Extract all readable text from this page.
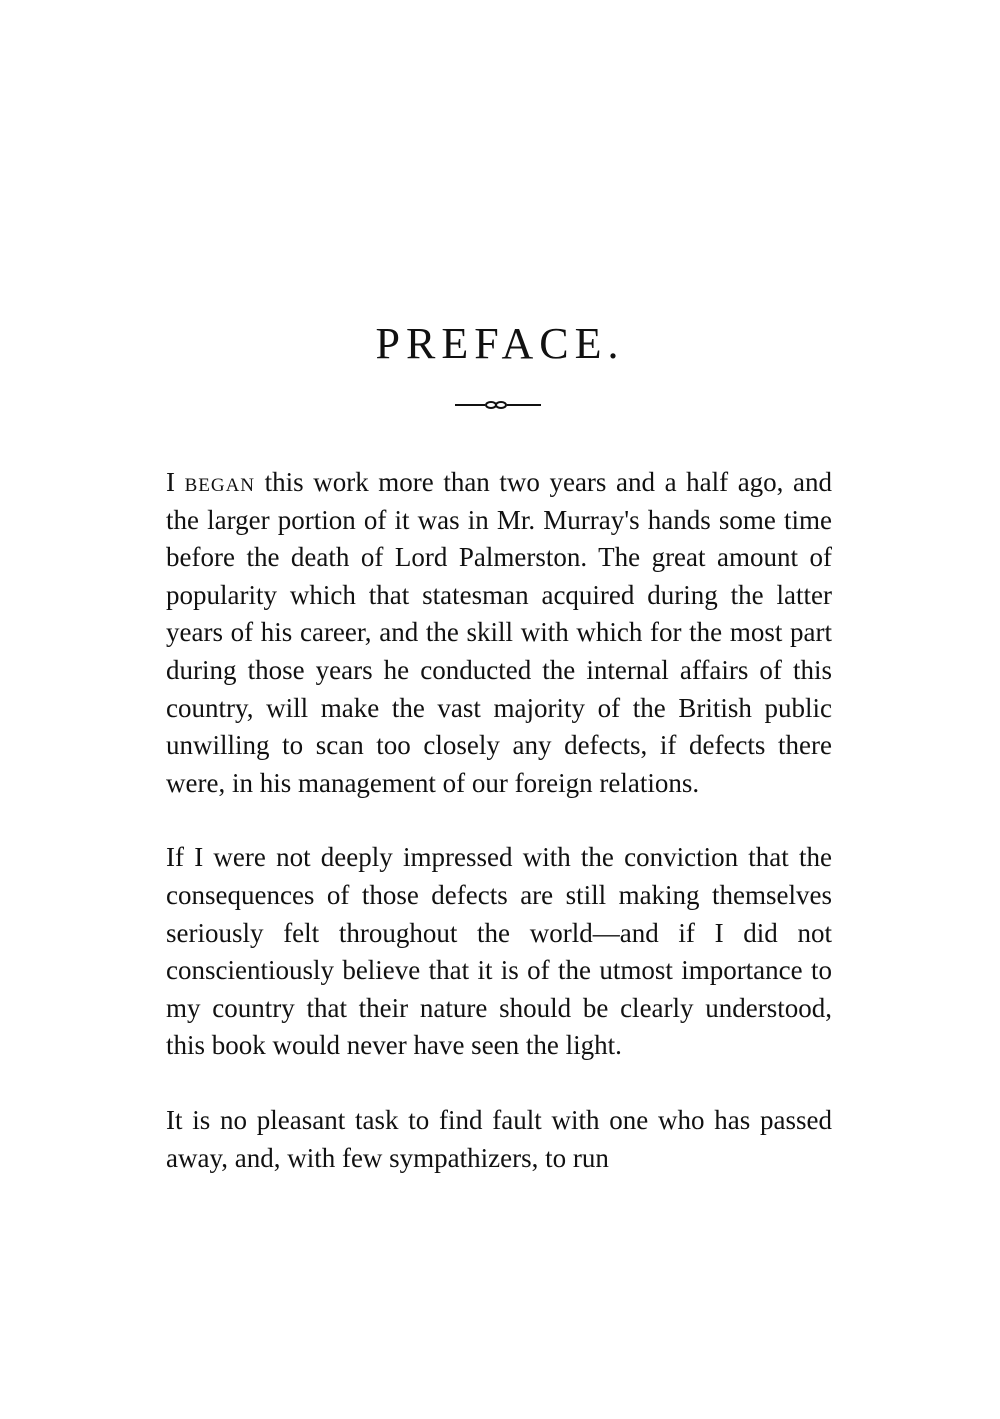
PREFACE.

I began this work more than two years and a half ago, and the larger portion of it was in Mr. Murray's hands some time before the death of Lord Palmerston. The great amount of popularity which that statesman acquired during the latter years of his career, and the skill with which for the most part during those years he conducted the internal affairs of this country, will make the vast majority of the British public unwilling to scan too closely any defects, if defects there were, in his management of our foreign relations.

If I were not deeply impressed with the conviction that the consequences of those defects are still making themselves seriously felt throughout the world—and if I did not conscientiously believe that it is of the utmost importance to my country that their nature should be clearly understood, this book would never have seen the light.

It is no pleasant task to find fault with one who has passed away, and, with few sympathizers, to run
